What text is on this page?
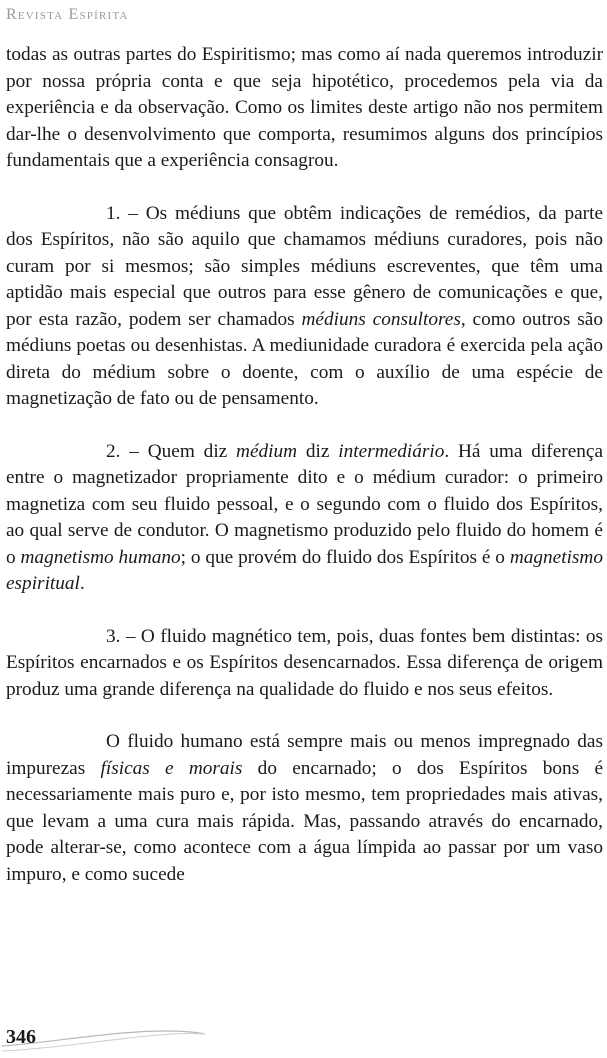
Revista Espírita

todas as outras partes do Espiritismo; mas como aí nada queremos introduzir por nossa própria conta e que seja hipotético, procedemos pela via da experiência e da observação. Como os limites deste artigo não nos permitem dar-lhe o desenvolvimento que comporta, resumimos alguns dos princípios fundamentais que a experiência consagrou.

1. – Os médiuns que obtêm indicações de remédios, da parte dos Espíritos, não são aquilo que chamamos médiuns curadores, pois não curam por si mesmos; são simples médiuns escreventes, que têm uma aptidão mais especial que outros para esse gênero de comunicações e que, por esta razão, podem ser chamados médiuns consultores, como outros são médiuns poetas ou desenhistas. A mediunidade curadora é exercida pela ação direta do médium sobre o doente, com o auxílio de uma espécie de magnetização de fato ou de pensamento.

2. – Quem diz médium diz intermediário. Há uma diferença entre o magnetizador propriamente dito e o médium curador: o primeiro magnetiza com seu fluido pessoal, e o segundo com o fluido dos Espíritos, ao qual serve de condutor. O magnetismo produzido pelo fluido do homem é o magnetismo humano; o que provém do fluido dos Espíritos é o magnetismo espiritual.

3. – O fluido magnético tem, pois, duas fontes bem distintas: os Espíritos encarnados e os Espíritos desencarnados. Essa diferença de origem produz uma grande diferença na qualidade do fluido e nos seus efeitos.

O fluido humano está sempre mais ou menos impregnado das impurezas físicas e morais do encarnado; o dos Espíritos bons é necessariamente mais puro e, por isto mesmo, tem propriedades mais ativas, que levam a uma cura mais rápida. Mas, passando através do encarnado, pode alterar-se, como acontece com a água límpida ao passar por um vaso impuro, e como sucede

346
